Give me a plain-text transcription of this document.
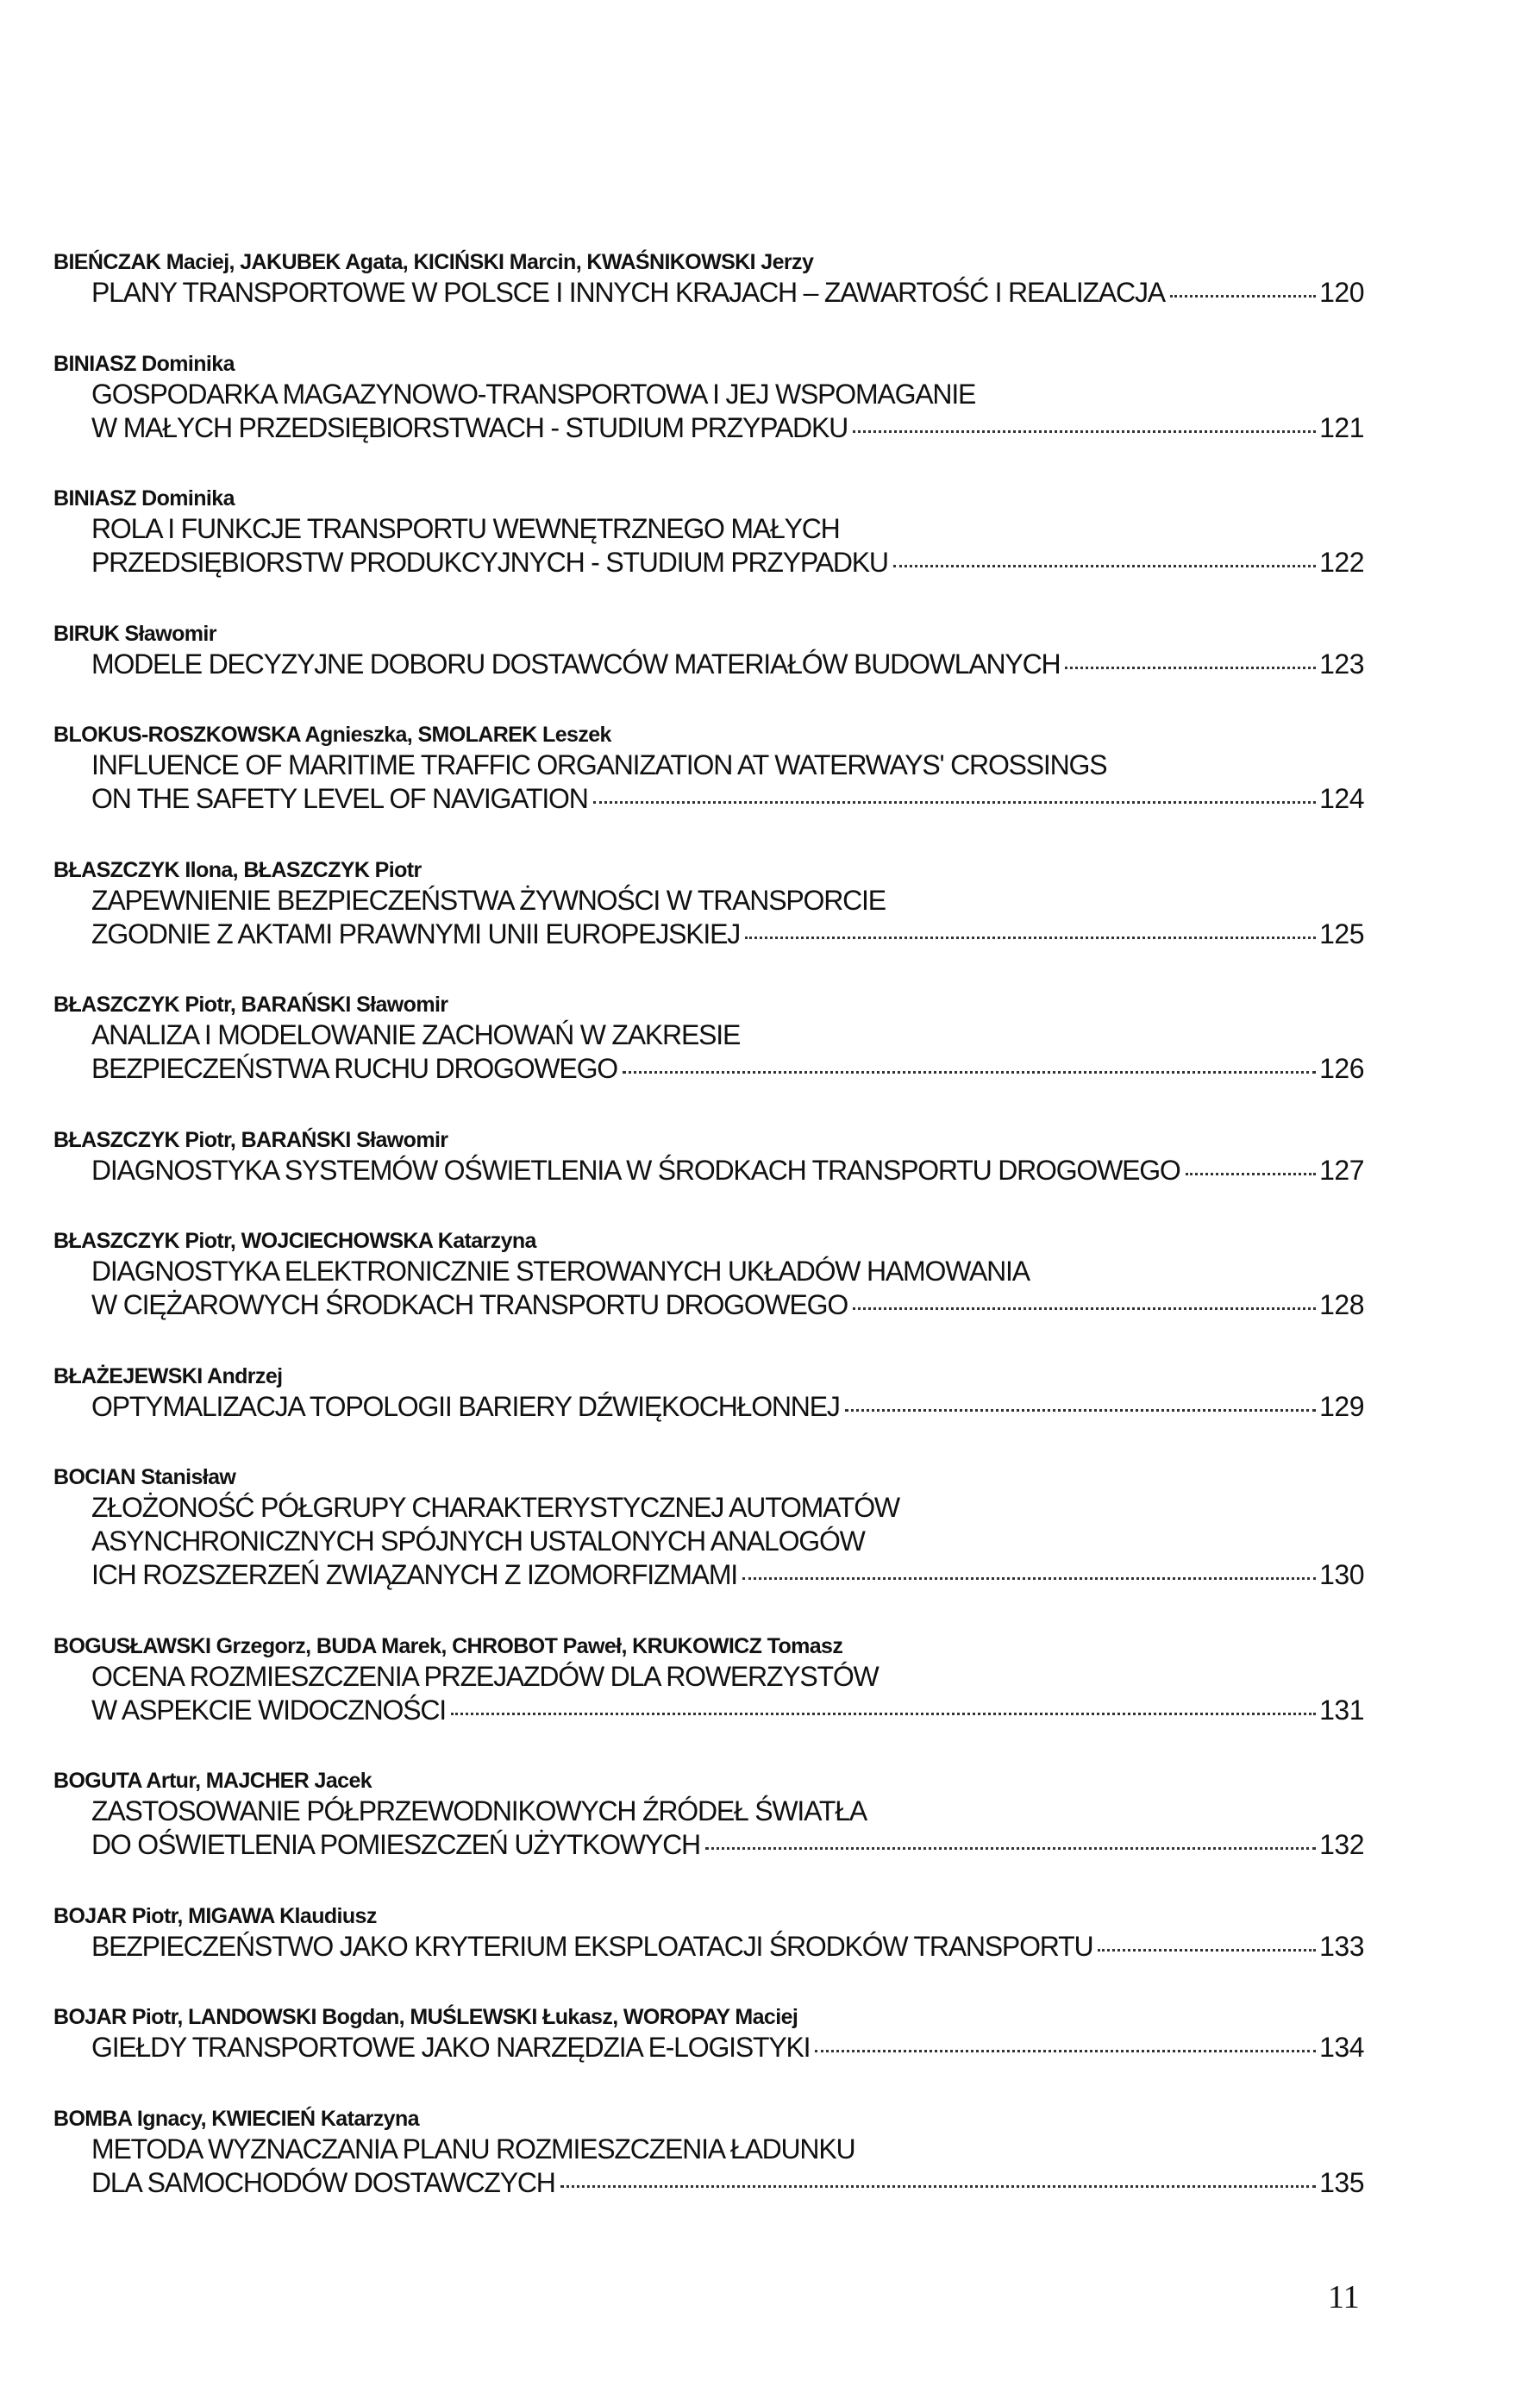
BIEŃCZAK Maciej, JAKUBEK Agata, KICIŃSKI Marcin, KWAŚNIKOWSKI Jerzy
PLANY TRANSPORTOWE W POLSCE I INNYCH KRAJACH – ZAWARTOŚĆ I REALIZACJA	120
BINIASZ Dominika
GOSPODARKA MAGAZYNOWO-TRANSPORTOWA I JEJ WSPOMAGANIE
W MAŁYCH PRZEDSIĘBIORSTWACH - STUDIUM PRZYPADKU	121
BINIASZ Dominika
ROLA I FUNKCJE TRANSPORTU WEWNĘTRZNEGO MAŁYCH
PRZEDSIĘBIORSTW PRODUKCYJNYCH - STUDIUM PRZYPADKU	122
BIRUK Sławomir
MODELE DECYZYJNE DOBORU DOSTAWCÓW MATERIAŁÓW BUDOWLANYCH	123
BLOKUS-ROSZKOWSKA Agnieszka, SMOLAREK Leszek
INFLUENCE OF MARITIME TRAFFIC ORGANIZATION AT WATERWAYS' CROSSINGS
ON THE SAFETY LEVEL OF NAVIGATION	124
BŁASZCZYK Ilona, BŁASZCZYK Piotr
ZAPEWNIENIE BEZPIECZEŃSTWA ŻYWNOŚCI W TRANSPORCIE
ZGODNIE Z AKTAMI PRAWNYMI UNII EUROPEJSKIEJ	125
BŁASZCZYK Piotr, BARAŃSKI Sławomir
ANALIZA I MODELOWANIE ZACHOWAŃ W ZAKRESIE
BEZPIECZEŃSTWA RUCHU DROGOWEGO	126
BŁASZCZYK Piotr, BARAŃSKI Sławomir
DIAGNOSTYKA SYSTEMÓW OŚWIETLENIA W ŚRODKACH TRANSPORTU DROGOWEGO	127
BŁASZCZYK Piotr, WOJCIECHOWSKA Katarzyna
DIAGNOSTYKA ELEKTRONICZNIE STEROWANYCH UKŁADÓW HAMOWANIA
W CIĘŻAROWYCH ŚRODKACH TRANSPORTU DROGOWEGO	128
BŁAŻEJEWSKI Andrzej
OPTYMALIZACJA TOPOLOGII BARIERY DŹWIĘKOCHŁONNEJ	129
BOCIAN Stanisław
ZŁOŻONOŚĆ PÓŁGRUPY CHARAKTERYSTYCZNEJ AUTOMATÓW
ASYNCHRONICZNYCH SPÓJNYCH USTALONYCH ANALOGÓW
ICH ROZSZERZEŃ ZWIĄZANYCH Z IZOMORFIZMAMI	130
BOGUSŁAWSKI Grzegorz, BUDA Marek, CHROBOT Paweł, KRUKOWICZ Tomasz
OCENA ROZMIESZCZENIA PRZEJAZDÓW DLA ROWERZYSTÓW
W ASPEKCIE WIDOCZNOŚCI	131
BOGUTA Artur, MAJCHER Jacek
ZASTOSOWANIE PÓŁPRZEWODNIKOWYCH ŹRÓDEŁ ŚWIATŁA
DO OŚWIETLENIA POMIESZCZEŃ UŻYTKOWYCH	132
BOJAR Piotr, MIGAWA Klaudiusz
BEZPIECZEŃSTWO JAKO KRYTERIUM EKSPLOATACJI ŚRODKÓW TRANSPORTU	133
BOJAR Piotr, LANDOWSKI Bogdan, MUŚLEWSKI Łukasz, WOROPAY Maciej
GIEŁDY TRANSPORTOWE JAKO NARZĘDZIA E-LOGISTYKI	134
BOMBA Ignacy, KWIECIEŃ Katarzyna
METODA WYZNACZANIA PLANU ROZMIESZCZENIA ŁADUNKU
DLA SAMOCHODÓW DOSTAWCZYCH	135
11
